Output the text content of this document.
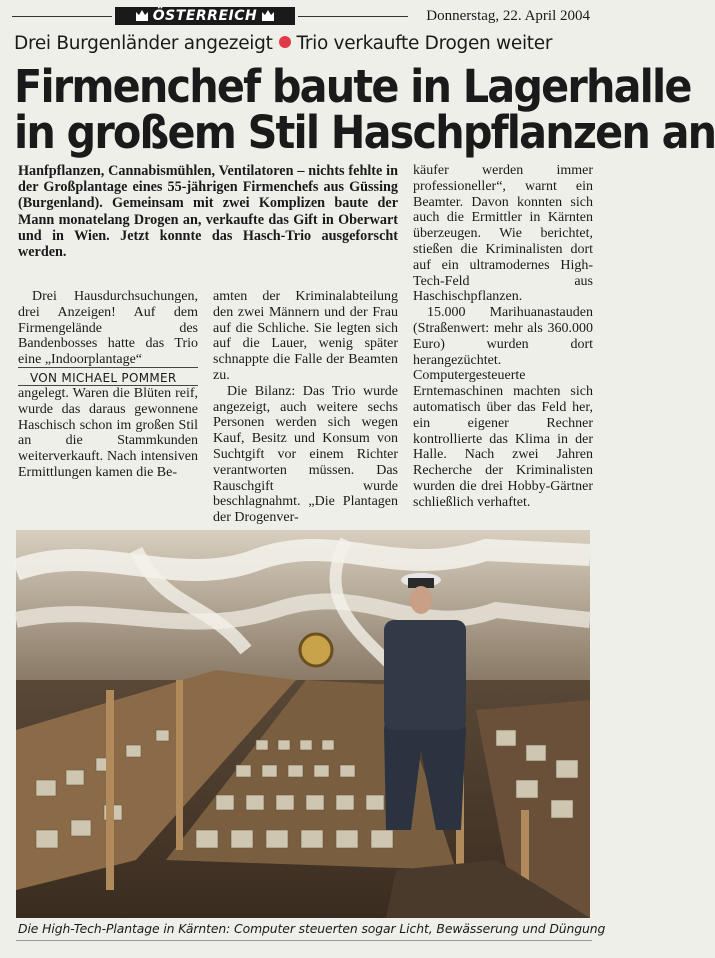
ÖSTERREICH	Donnerstag, 22. April 2004
Drei Burgenländer angezeigt Trio verkaufte Drogen weiter
Firmenchef baute in Lagerhalle
in großem Stil Haschpflanzen an
Hanfpflanzen, Cannabismühlen, Ventilatoren – nichts fehlte in der Großplantage eines 55-jährigen Firmenchefs aus Güssing (Burgenland). Gemeinsam mit zwei Komplizen baute der Mann monatelang Drogen an, verkaufte das Gift in Oberwart und in Wien. Jetzt konnte das Hasch-Trio ausgeforscht werden.

Drei Hausdurchsuchungen, drei Anzeigen! Auf dem Firmengelände des Bandenbosses hatte das Trio eine „Indoorplantage“

VON MICHAEL POMMER

angelegt. Waren die Blüten reif, wurde das daraus gewonnene Haschisch schon im großen Stil an die Stammkunden weiterverkauft. Nach intensiven Ermittlungen kamen die Be-

amten der Kriminalabteilung den zwei Männern und der Frau auf die Schliche. Sie legten sich auf die Lauer, wenig später schnappte die Falle der Beamten zu.

Die Bilanz: Das Trio wurde angezeigt, auch weitere sechs Personen werden sich wegen Kauf, Besitz und Konsum von Suchtgift vor einem Richter verantworten müssen. Das Rauschgift wurde beschlagnahmt. „Die Plantagen der Drogenver-

käufer werden immer professioneller“, warnt ein Beamter. Davon konnten sich auch die Ermittler in Kärnten überzeugen. Wie berichtet, stießen die Kriminalisten dort auf ein ultramodernes High-Tech-Feld aus Haschischpflanzen.

15.000 Marihuanastauden (Straßenwert: mehr als 360.000 Euro) wurden dort herangezüchtet. Computergesteuerte Erntemaschinen machten sich automatisch über das Feld her, ein eigener Rechner kontrollierte das Klima in der Halle. Nach zwei Jahren Recherche der Kriminalisten wurden die drei Hobby-Gärtner schließlich verhaftet.

Die High-Tech-Plantage in Kärnten: Computer steuerten sogar Licht, Bewässerung und Düngung
